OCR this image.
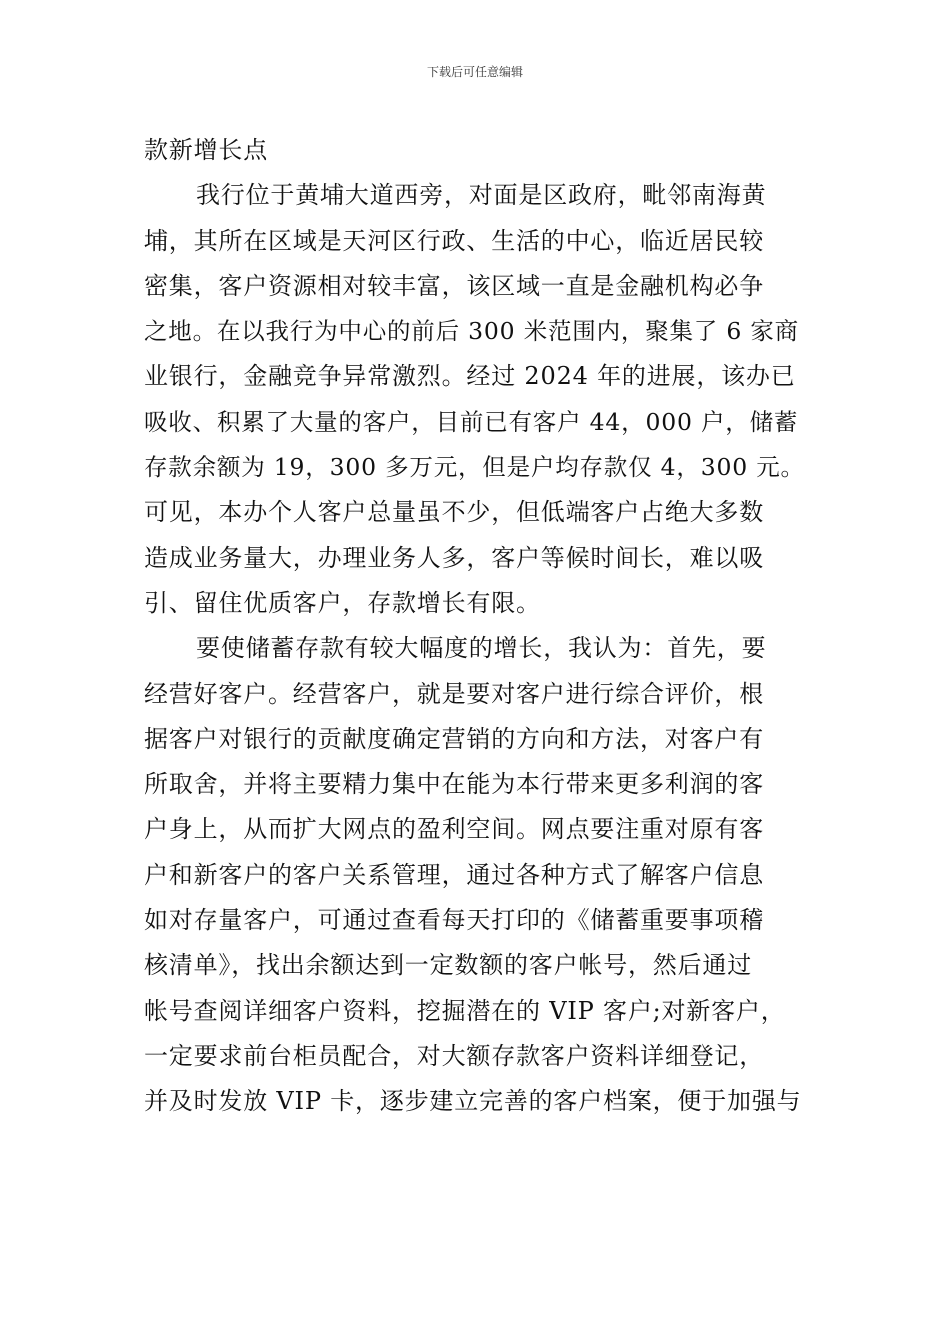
下载后可任意编辑
款新增长点
我行位于黄埔大道西旁，对面是区政府，毗邻南海黄
埔，其所在区域是天河区行政、生活的中心，临近居民较
密集，客户资源相对较丰富，该区域一直是金融机构必争
之地。在以我行为中心的前后 300 米范围内，聚集了 6 家商
业银行，金融竞争异常激烈。经过 2024 年的进展，该办已
吸收、积累了大量的客户，目前已有客户 44，000 户，储蓄
存款余额为 19，300 多万元，但是户均存款仅 4，300 元。
可见，本办个人客户总量虽不少，但低端客户占绝大多数
造成业务量大，办理业务人多，客户等候时间长，难以吸
引、留住优质客户，存款增长有限。
要使储蓄存款有较大幅度的增长，我认为：首先，要
经营好客户。经营客户，就是要对客户进行综合评价，根
据客户对银行的贡献度确定营销的方向和方法，对客户有
所取舍，并将主要精力集中在能为本行带来更多利润的客
户身上，从而扩大网点的盈利空间。网点要注重对原有客
户和新客户的客户关系管理，通过各种方式了解客户信息
如对存量客户，可通过查看每天打印的《储蓄重要事项稽
核清单》，找出余额达到一定数额的客户帐号，然后通过
帐号查阅详细客户资料，挖掘潜在的 VIP 客户;对新客户，
一定要求前台柜员配合，对大额存款客户资料详细登记，
并及时发放 VIP 卡，逐步建立完善的客户档案，便于加强与
